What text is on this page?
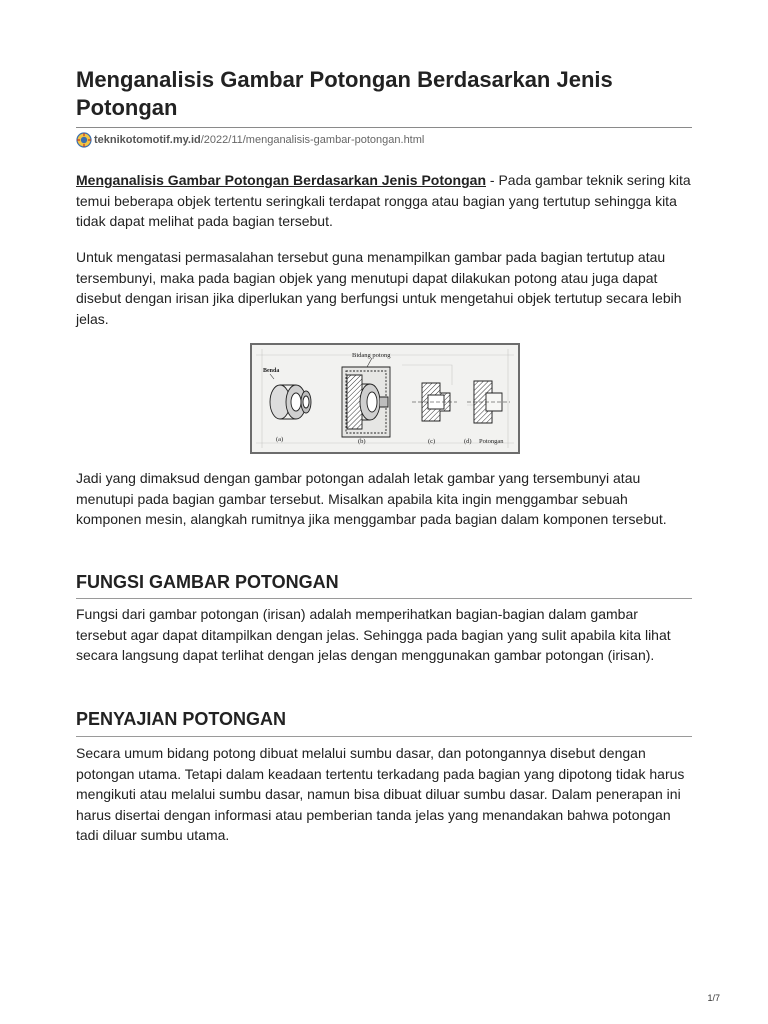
Menganalisis Gambar Potongan Berdasarkan Jenis Potongan
teknikotomotif.my.id/2022/11/menganalisis-gambar-potongan.html

Menganalisis Gambar Potongan Berdasarkan Jenis Potongan - Pada gambar teknik sering kita temui beberapa objek tertentu seringkali terdapat rongga atau bagian yang tertutup sehingga kita tidak dapat melihat pada bagian tersebut.

Untuk mengatasi permasalahan tersebut guna menampilkan gambar pada bagian tertutup atau tersembunyi, maka pada bagian objek yang menutupi dapat dilakukan potong atau juga dapat disebut dengan irisan jika diperlukan yang berfungsi untuk mengetahui objek tertutup secara lebih jelas.

Bidang potong
Benda
(a)	(b)	(c)	(d) Potongan

Jadi yang dimaksud dengan gambar potongan adalah letak gambar yang tersembunyi atau menutupi pada bagian gambar tersebut. Misalkan apabila kita ingin menggambar sebuah komponen mesin, alangkah rumitnya jika menggambar pada bagian dalam komponen tersebut.

FUNGSI GAMBAR POTONGAN

Fungsi dari gambar potongan (irisan) adalah memperihatkan bagian-bagian dalam gambar tersebut agar dapat ditampilkan dengan jelas. Sehingga pada bagian yang sulit apabila kita lihat secara langsung dapat terlihat dengan jelas dengan menggunakan gambar potongan (irisan).

PENYAJIAN POTONGAN

Secara umum bidang potong dibuat melalui sumbu dasar, dan potongannya disebut dengan potongan utama. Tetapi dalam keadaan tertentu terkadang pada bagian yang dipotong tidak harus mengikuti atau melalui sumbu dasar, namun bisa dibuat diluar sumbu dasar. Dalam penerapan ini harus disertai dengan informasi atau pemberian tanda jelas yang menandakan bahwa potongan tadi diluar sumbu utama.

1/7
